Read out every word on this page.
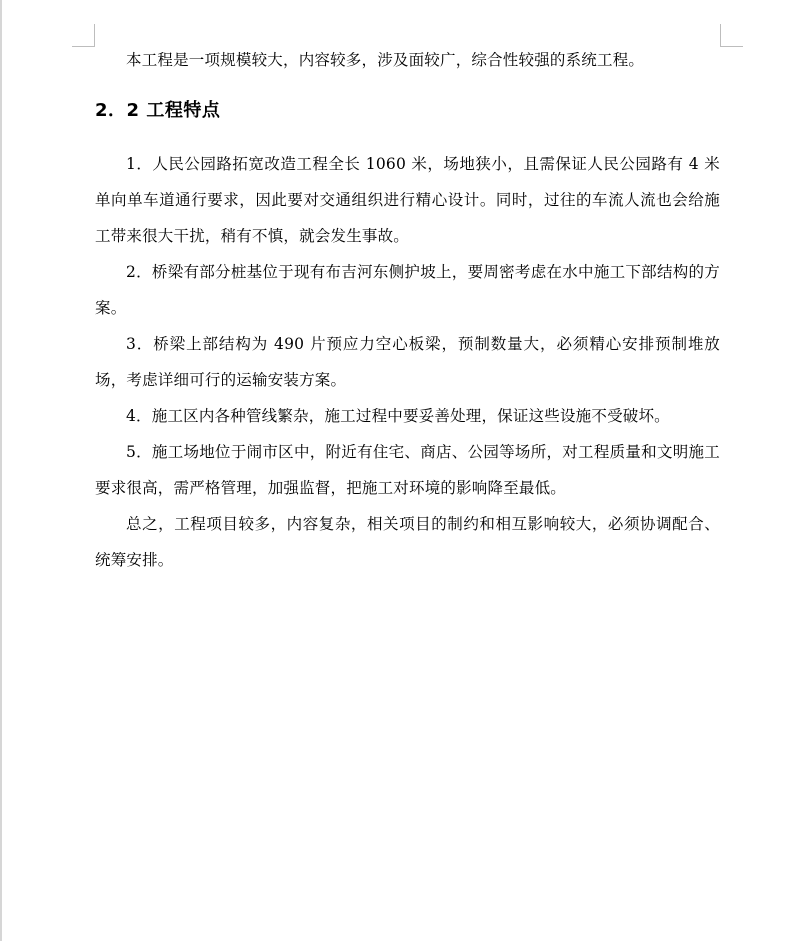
本工程是一项规模较大，内容较多，涉及面较广，综合性较强的系统工程。

2．2 工程特点

1．人民公园路拓宽改造工程全长 1060 米，场地狭小，且需保证人民公园路有 4 米单向单车道通行要求，因此要对交通组织进行精心设计。同时，过往的车流人流也会给施工带来很大干扰，稍有不慎，就会发生事故。

2．桥梁有部分桩基位于现有布吉河东侧护坡上，要周密考虑在水中施工下部结构的方案。

3．桥梁上部结构为 490 片预应力空心板梁，预制数量大，必须精心安排预制堆放场，考虑详细可行的运输安装方案。

4．施工区内各种管线繁杂，施工过程中要妥善处理，保证这些设施不受破坏。

5．施工场地位于闹市区中，附近有住宅、商店、公园等场所，对工程质量和文明施工要求很高，需严格管理，加强监督，把施工对环境的影响降至最低。

总之，工程项目较多，内容复杂，相关项目的制约和相互影响较大，必须协调配合、统筹安排。
